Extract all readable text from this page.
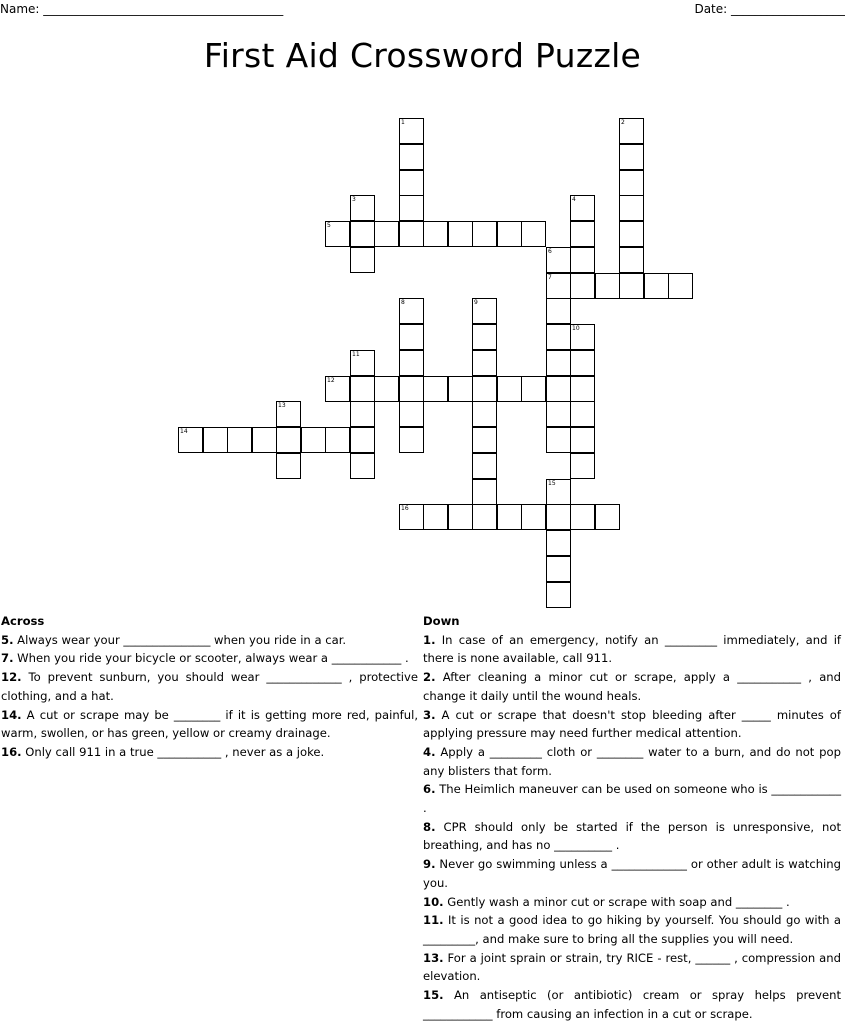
Name: ________________________________________	Date: ___________________
First Aid Crossword Puzzle
1	2
3	4
5
6
7
8	9
10
11
12
13
14
15
16
Across
5. Always wear your _______________ when you ride in a car.
7. When you ride your bicycle or scooter, always wear a ____________ .
12. To prevent sunburn, you should wear _____________ , protective clothing, and a hat.
14. A cut or scrape may be ________ if it is getting more red, painful, warm, swollen, or has green, yellow or creamy drainage.
16. Only call 911 in a true ___________ , never as a joke.
Down
1. In case of an emergency, notify an _________ immediately, and if there is none available, call 911.
2. After cleaning a minor cut or scrape, apply a ___________ , and change it daily until the wound heals.
3. A cut or scrape that doesn't stop bleeding after _____ minutes of applying pressure may need further medical attention.
4. Apply a _________ cloth or ________ water to a burn, and do not pop any blisters that form.
6. The Heimlich maneuver can be used on someone who is ____________ .
8. CPR should only be started if the person is unresponsive, not breathing, and has no __________ .
9. Never go swimming unless a _____________ or other adult is watching you.
10. Gently wash a minor cut or scrape with soap and ________ .
11. It is not a good idea to go hiking by yourself. You should go with a _________, and make sure to bring all the supplies you will need.
13. For a joint sprain or strain, try RICE - rest, ______ , compression and elevation.
15. An antiseptic (or antibiotic) cream or spray helps prevent ____________ from causing an infection in a cut or scrape.
